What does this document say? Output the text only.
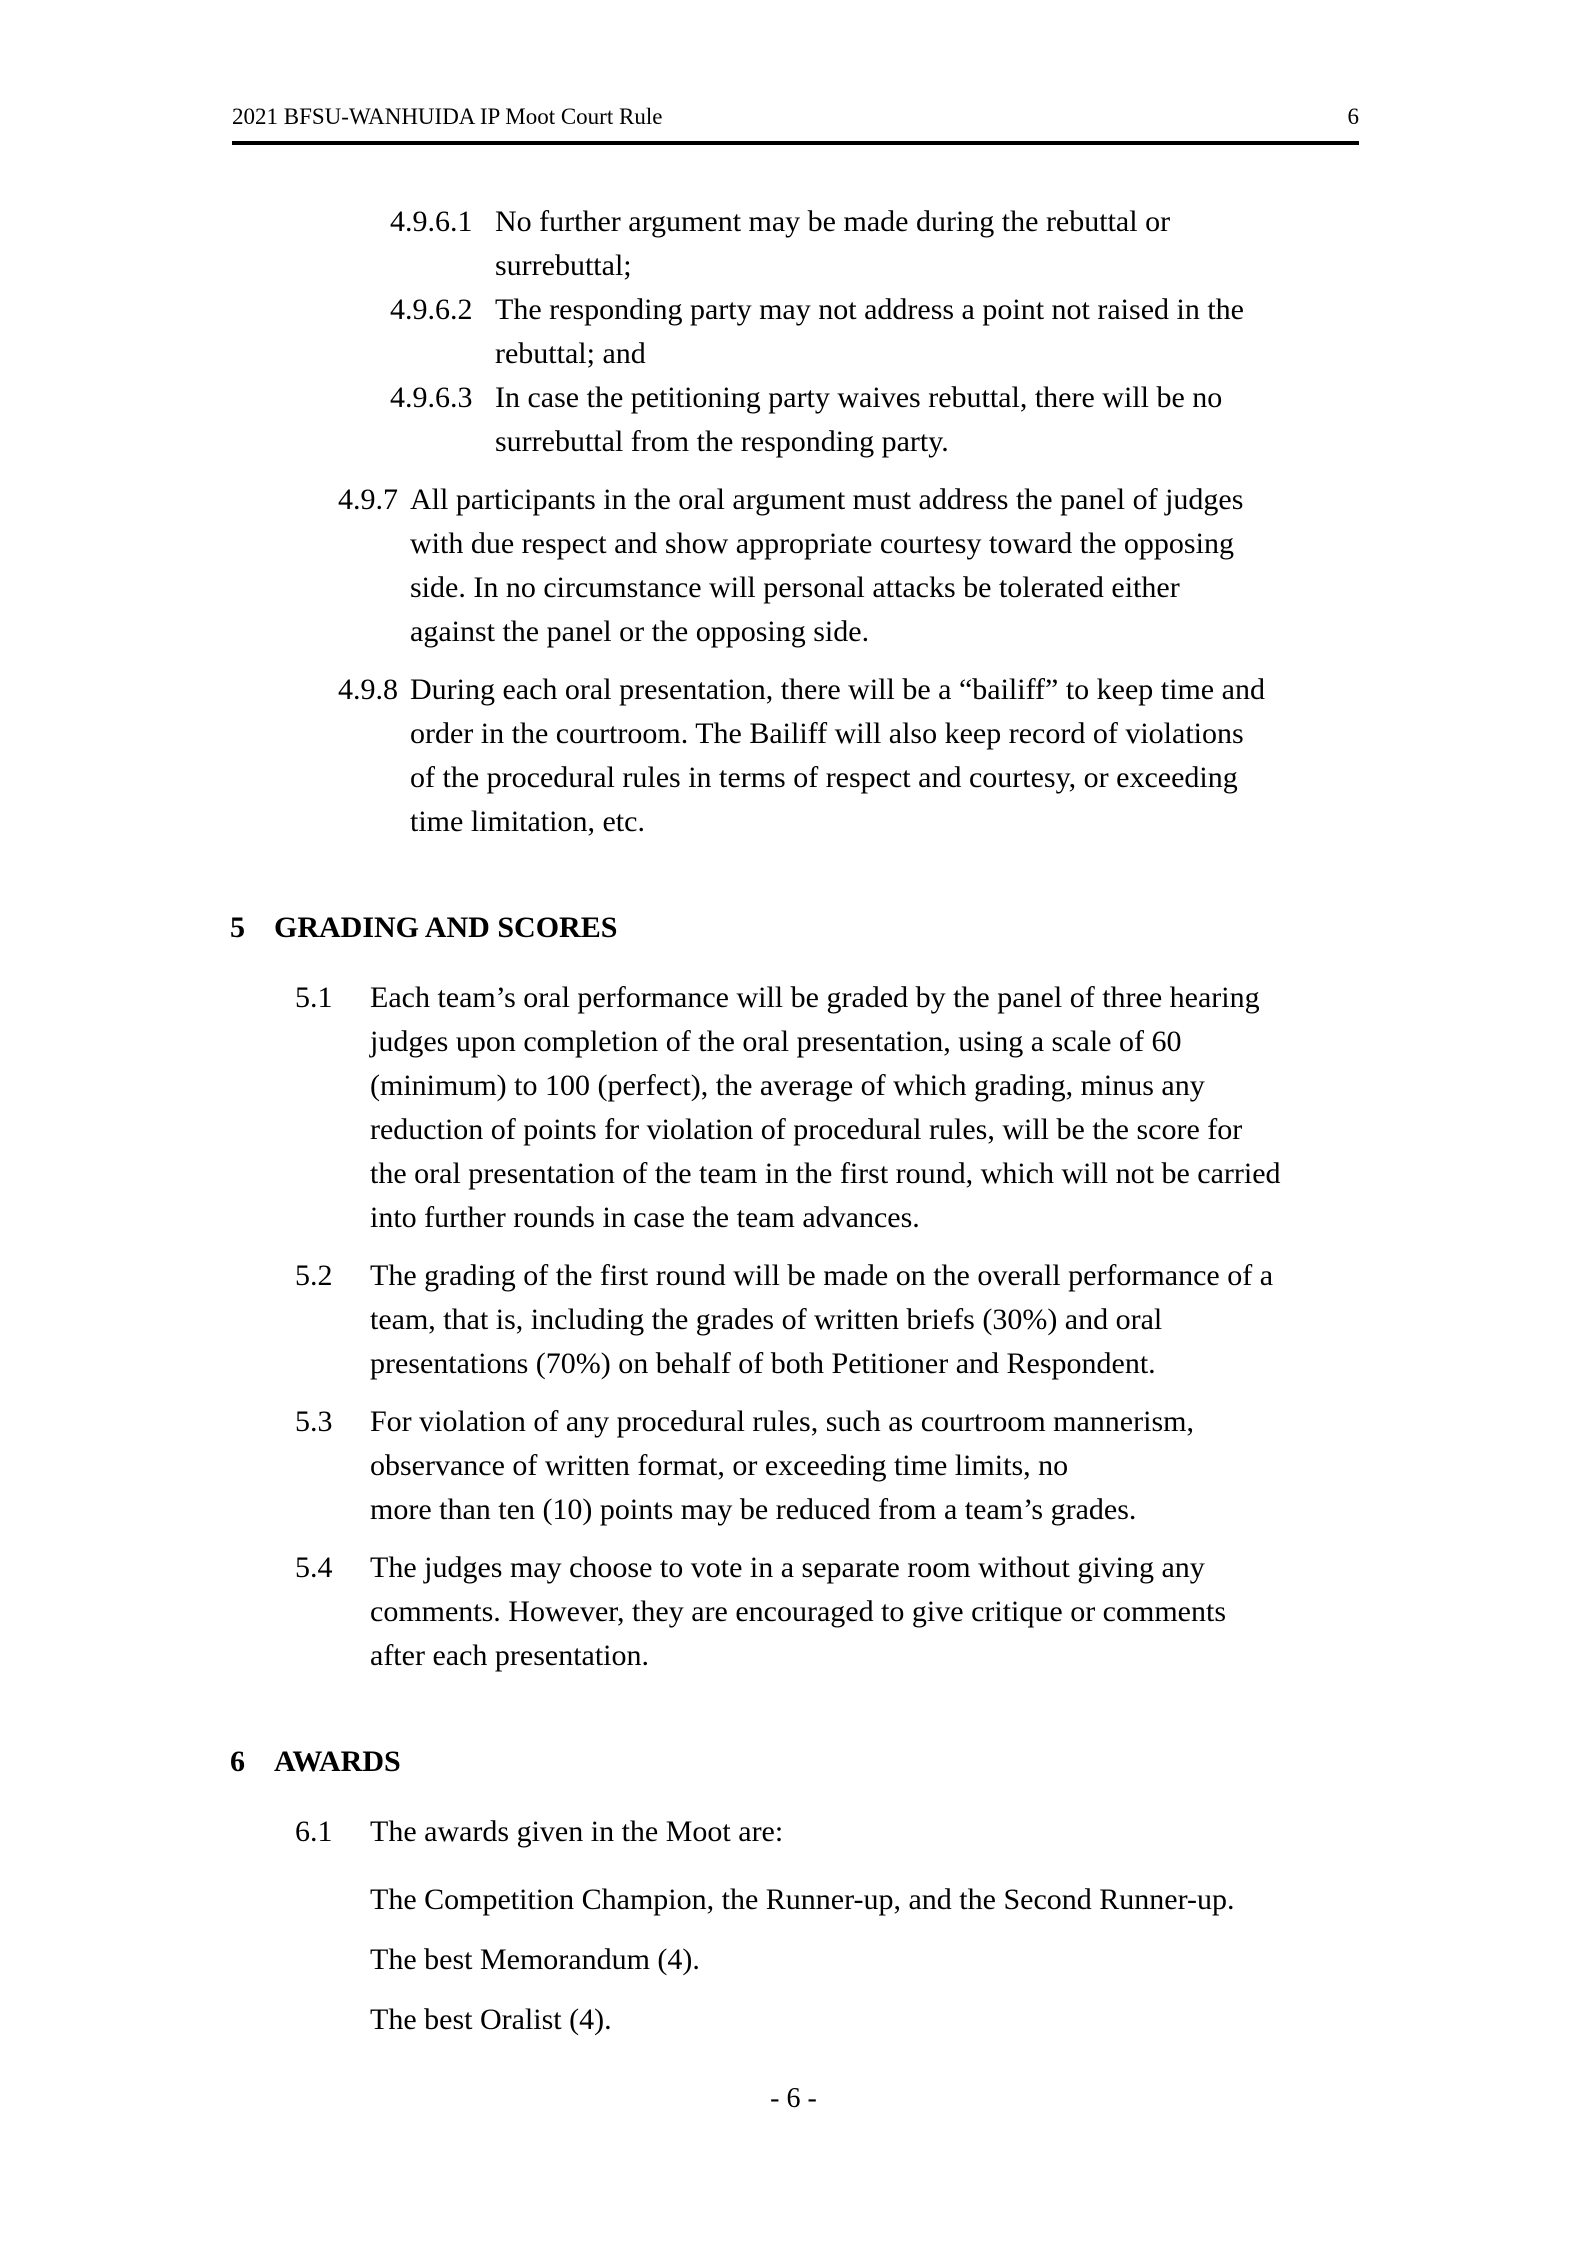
2021 BFSU-WANHUIDA IP Moot Court Rule	6
4.9.6.1 No further argument may be made during the rebuttal or
surrebuttal;
4.9.6.2 The responding party may not address a point not raised in the
rebuttal; and
4.9.6.3 In case the petitioning party waives rebuttal, there will be no
surrebuttal from the responding party.
4.9.7 All participants in the oral argument must address the panel of judges
with due respect and show appropriate courtesy toward the opposing
side. In no circumstance will personal attacks be tolerated either
against the panel or the opposing side.
4.9.8 During each oral presentation, there will be a “bailiff” to keep time and
order in the courtroom. The Bailiff will also keep record of violations
of the procedural rules in terms of respect and courtesy, or exceeding
time limitation, etc.
5 GRADING AND SCORES
5.1 Each team’s oral performance will be graded by the panel of three hearing
judges upon completion of the oral presentation, using a scale of 60
(minimum) to 100 (perfect), the average of which grading, minus any
reduction of points for violation of procedural rules, will be the score for
the oral presentation of the team in the first round, which will not be carried
into further rounds in case the team advances.
5.2 The grading of the first round will be made on the overall performance of a
team, that is, including the grades of written briefs (30%) and oral
presentations (70%) on behalf of both Petitioner and Respondent.
5.3 For violation of any procedural rules, such as courtroom mannerism,
observance of written format, or exceeding time limits, no
more than ten (10) points may be reduced from a team’s grades.
5.4 The judges may choose to vote in a separate room without giving any
comments. However, they are encouraged to give critique or comments
after each presentation.
6 AWARDS
6.1 The awards given in the Moot are:
The Competition Champion, the Runner-up, and the Second Runner-up.
The best Memorandum (4).
The best Oralist (4).
- 6 -
